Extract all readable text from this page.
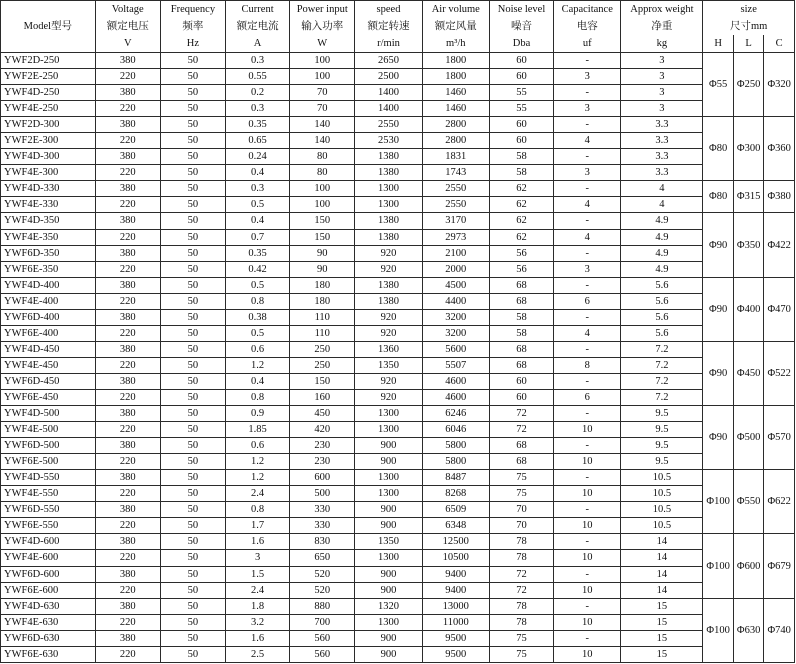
Model型号	Voltage	Frequency	Current	Power input	speed	Air volume	Noise level	Capacitance	Approx weight	size		
	额定电压	频率	额定电流	输入功率	额定转速	额定风量	噪音	电容	净重	尺寸mm		
	V	Hz	A	W	r/min	m³/h	Dba	uf	kg	H	L	C
YWF2D-250	380	50	0.3	100	2650	1800	60	-	3	Φ55	Φ250	Φ320
YWF2E-250	220	50	0.55	100	2500	1800	60	3	3			
YWF4D-250	380	50	0.2	70	1400	1460	55	-	3			
YWF4E-250	220	50	0.3	70	1400	1460	55	3	3			
YWF2D-300	380	50	0.35	140	2550	2800	60	-	3.3	Φ80	Φ300	Φ360
YWF2E-300	220	50	0.65	140	2530	2800	60	4	3.3			
YWF4D-300	380	50	0.24	80	1380	1831	58	-	3.3			
YWF4E-300	220	50	0.4	80	1380	1743	58	3	3.3			
YWF4D-330	380	50	0.3	100	1300	2550	62	-	4	Φ80	Φ315	Φ380
YWF4E-330	220	50	0.5	100	1300	2550	62	4	4			
YWF4D-350	380	50	0.4	150	1380	3170	62	-	4.9	Φ90	Φ350	Φ422
YWF4E-350	220	50	0.7	150	1380	2973	62	4	4.9			
YWF6D-350	380	50	0.35	90	920	2100	56	-	4.9			
YWF6E-350	220	50	0.42	90	920	2000	56	3	4.9			
YWF4D-400	380	50	0.5	180	1380	4500	68	-	5.6	Φ90	Φ400	Φ470
YWF4E-400	220	50	0.8	180	1380	4400	68	6	5.6			
YWF6D-400	380	50	0.38	110	920	3200	58	-	5.6			
YWF6E-400	220	50	0.5	110	920	3200	58	4	5.6			
YWF4D-450	380	50	0.6	250	1360	5600	68	-	7.2	Φ90	Φ450	Φ522
YWF4E-450	220	50	1.2	250	1350	5507	68	8	7.2			
YWF6D-450	380	50	0.4	150	920	4600	60	-	7.2			
YWF6E-450	220	50	0.8	160	920	4600	60	6	7.2			
YWF4D-500	380	50	0.9	450	1300	6246	72	-	9.5	Φ90	Φ500	Φ570
YWF4E-500	220	50	1.85	420	1300	6046	72	10	9.5			
YWF6D-500	380	50	0.6	230	900	5800	68	-	9.5			
YWF6E-500	220	50	1.2	230	900	5800	68	10	9.5			
YWF4D-550	380	50	1.2	600	1300	8487	75	-	10.5	Φ100	Φ550	Φ622
YWF4E-550	220	50	2.4	500	1300	8268	75	10	10.5			
YWF6D-550	380	50	0.8	330	900	6509	70	-	10.5			
YWF6E-550	220	50	1.7	330	900	6348	70	10	10.5			
YWF4D-600	380	50	1.6	830	1350	12500	78	-	14	Φ100	Φ600	Φ679
YWF4E-600	220	50	3	650	1300	10500	78	10	14			
YWF6D-600	380	50	1.5	520	900	9400	72	-	14			
YWF6E-600	220	50	2.4	520	900	9400	72	10	14			
YWF4D-630	380	50	1.8	880	1320	13000	78	-	15	Φ100	Φ630	Φ740
YWF4E-630	220	50	3.2	700	1300	11000	78	10	15			
YWF6D-630	380	50	1.6	560	900	9500	75	-	15			
YWF6E-630	220	50	2.5	560	900	9500	75	10	15			
